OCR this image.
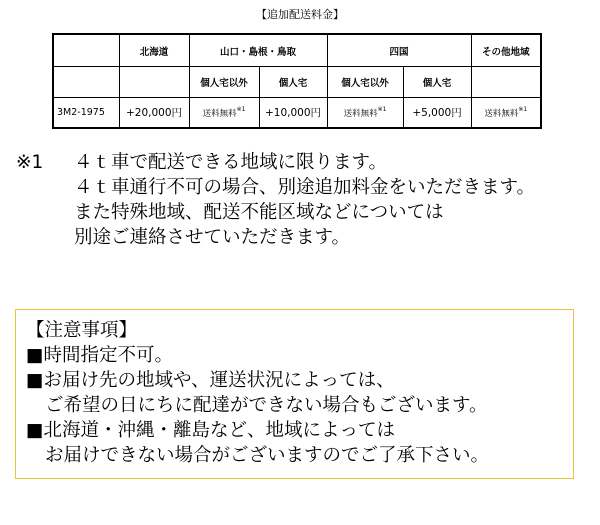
【追加配送料金】
	北海道	山口・島根・鳥取		四国		その他地域
		個人宅以外	個人宅	個人宅以外	個人宅	
3M2-1975	+20,000円	送料無料$^{※1}$	+10,000円	送料無料$^{※1}$	+5,000円	送料無料$^{※1}$
※1 ４ｔ車で配送できる地域に限ります。
４ｔ車通行不可の場合、別途追加料金をいただきます。
また特殊地域、配送不能区域などについては
別途ご連絡させていただきます。
【注意事項】
■時間指定不可。
■お届け先の地域や、運送状況によっては、
ご希望の日にちに配達ができない場合もございます。
■北海道・沖縄・離島など、地域によっては
お届けできない場合がございますのでご了承下さい。
